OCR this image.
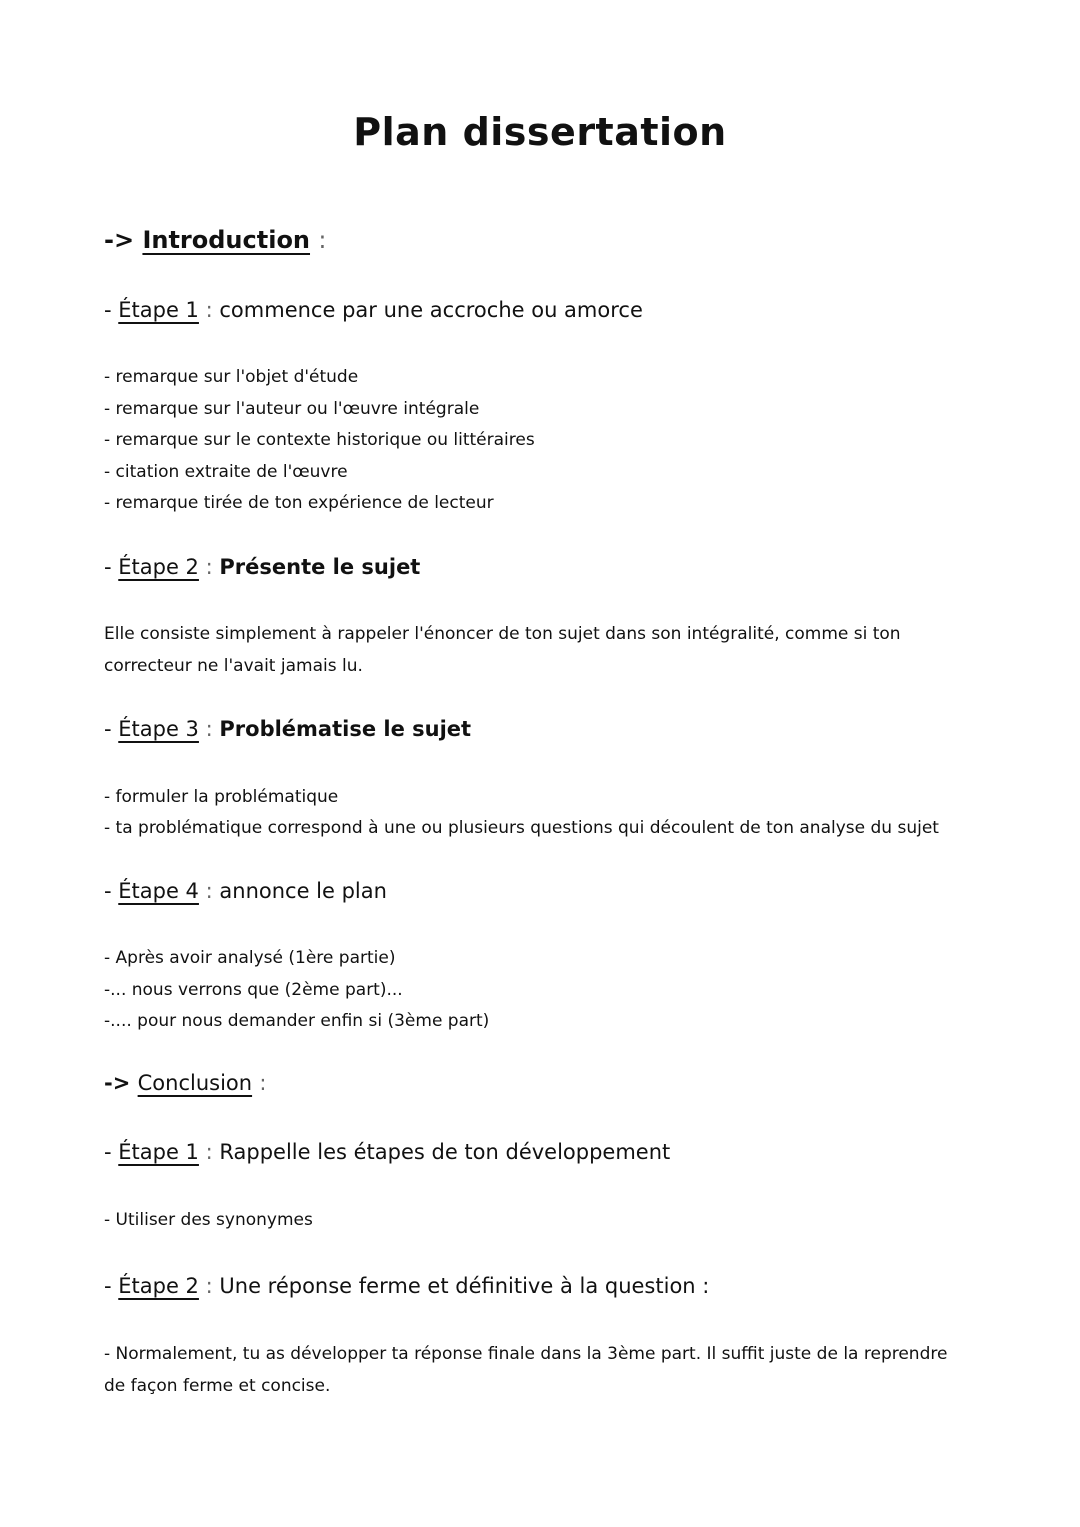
Plan dissertation
-> Introduction :
- Étape 1 : commence par une accroche ou amorce
- remarque sur l'objet d'étude
- remarque sur l'auteur ou l'œuvre intégrale
- remarque sur le contexte historique ou littéraires
- citation extraite de l'œuvre
- remarque tirée de ton expérience de lecteur
- Étape 2 : Présente le sujet
Elle consiste simplement à rappeler l'énoncer de ton sujet dans son intégralité, comme si ton correcteur ne l'avait jamais lu.
- Étape 3 : Problématise le sujet
- formuler la problématique
- ta problématique correspond à une ou plusieurs questions qui découlent de ton analyse du sujet
- Étape 4 : annonce le plan
- Après avoir analysé (1ère partie)
-... nous verrons que (2ème part)...
-.... pour nous demander enfin si (3ème part)
-> Conclusion :
- Étape 1 : Rappelle les étapes de ton développement
- Utiliser des synonymes
- Étape 2 : Une réponse ferme et définitive à la question :
- Normalement, tu as développer ta réponse finale dans la 3ème part. Il suffit juste de la reprendre de façon ferme et concise.
